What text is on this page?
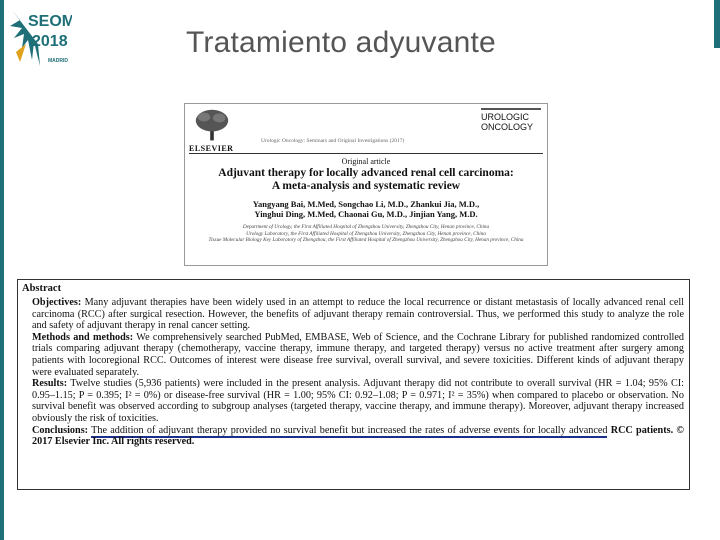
SEOM
2018
MADRID
Tratamiento adyuvante
ELSEVIER
Urologic Oncology: Seminars and Original Investigations (2017)
UROLOGIC
ONCOLOGY
Original article
Adjuvant therapy for locally advanced renal cell carcinoma:
A meta-analysis and systematic review
Yangyang Bai, M.Med, Songchao Li, M.D., Zhankui Jia, M.D.,
Yinghui Ding, M.Med, Chaonai Gu, M.D., Jinjian Yang, M.D.
Department of Urology, the First Affiliated Hospital of Zhengzhou University, Zhengzhou City, Henan province, China
Urology Laboratory, the First Affiliated Hospital of Zhengzhou University, Zhengzhou City, Henan province, China
Tissue Molecular Biology Key Laboratory of Zhengzhou, the First Affiliated Hospital of Zhengzhou University, Zhengzhou City, Henan province, China
Abstract
Objectives: Many adjuvant therapies have been widely used in an attempt to reduce the local recurrence or distant metastasis of locally advanced renal cell carcinoma (RCC) after surgical resection. However, the benefits of adjuvant therapy remain controversial. Thus, we performed this study to analyze the role and safety of adjuvant therapy in renal cancer setting.
Methods and methods: We comprehensively searched PubMed, EMBASE, Web of Science, and the Cochrane Library for published randomized controlled trials comparing adjuvant therapy (chemotherapy, vaccine therapy, immune therapy, and targeted therapy) versus no active treatment after surgery among patients with locoregional RCC. Outcomes of interest were disease free survival, overall survival, and severe toxicities. Different kinds of adjuvant therapy were evaluated separately.
Results: Twelve studies (5,936 patients) were included in the present analysis. Adjuvant therapy did not contribute to overall survival (HR = 1.04; 95% CI: 0.95–1.15; P = 0.395; I² = 0%) or disease-free survival (HR = 1.00; 95% CI: 0.92–1.08; P = 0.971; I² = 35%) when compared to placebo or observation. No survival benefit was observed according to subgroup analyses (targeted therapy, vaccine therapy, and immune therapy). Moreover, adjuvant therapy increased obviously the risk of toxicities.
Conclusions: The addition of adjuvant therapy provided no survival benefit but increased the rates of adverse events for locally advanced RCC patients. © 2017 Elsevier Inc. All rights reserved.
